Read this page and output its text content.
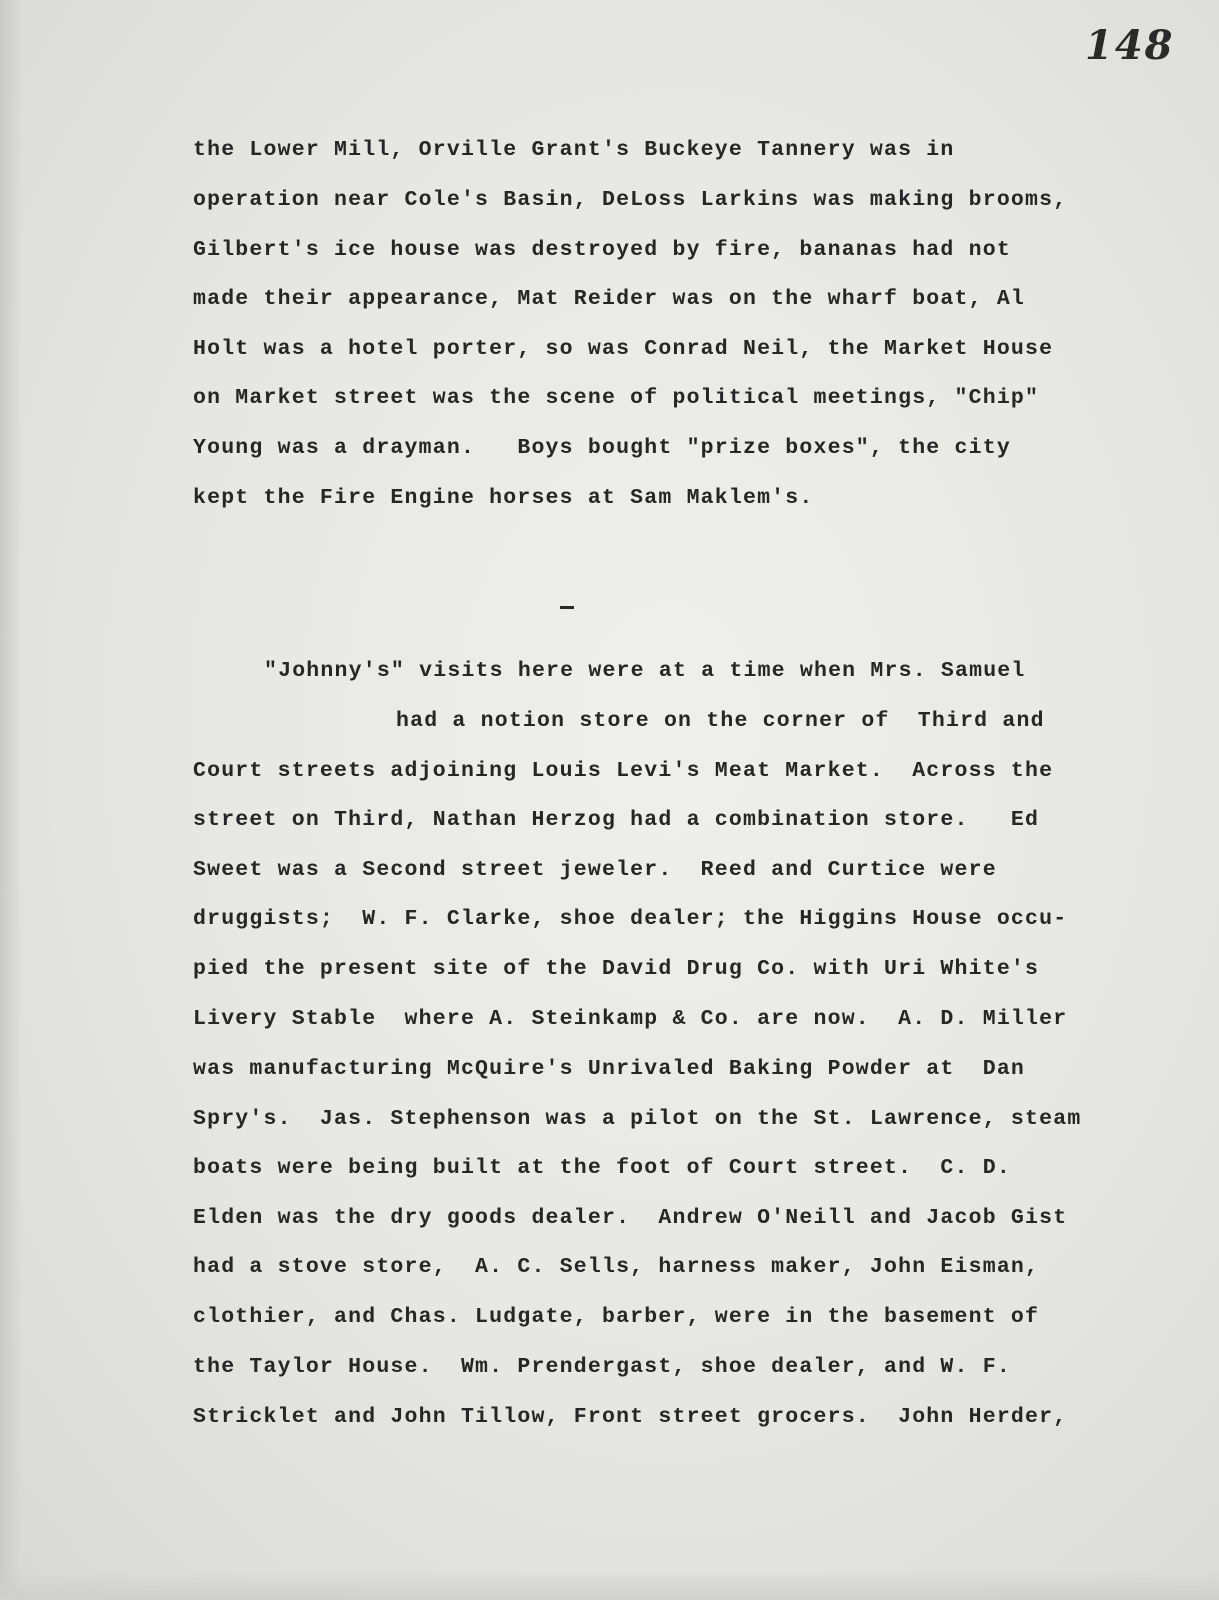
148
the Lower Mill, Orville Grant's Buckeye Tannery was in
operation near Cole's Basin, DeLoss Larkins was making brooms,
Gilbert's ice house was destroyed by fire, bananas had not
made their appearance, Mat Reider was on the wharf boat, Al
Holt was a hotel porter, so was Conrad Neil, the Market House
on Market street was the scene of political meetings, "Chip"
Young was a drayman.   Boys bought "prize boxes", the city
kept the Fire Engine horses at Sam Maklem's.
"Johnny's" visits here were at a time when Mrs. Samuel
had a notion store on the corner of  Third and
Court streets adjoining Louis Levi's Meat Market.  Across the
street on Third, Nathan Herzog had a combination store.   Ed
Sweet was a Second street jeweler.  Reed and Curtice were
druggists;  W. F. Clarke, shoe dealer; the Higgins House occu-
pied the present site of the David Drug Co. with Uri White's
Livery Stable  where A. Steinkamp & Co. are now.  A. D. Miller
was manufacturing McQuire's Unrivaled Baking Powder at  Dan
Spry's.  Jas. Stephenson was a pilot on the St. Lawrence, steam
boats were being built at the foot of Court street.  C. D.
Elden was the dry goods dealer.  Andrew O'Neill and Jacob Gist
had a stove store,  A. C. Sells, harness maker, John Eisman,
clothier, and Chas. Ludgate, barber, were in the basement of
the Taylor House.  Wm. Prendergast, shoe dealer, and W. F.
Stricklet and John Tillow, Front street grocers.  John Herder,
